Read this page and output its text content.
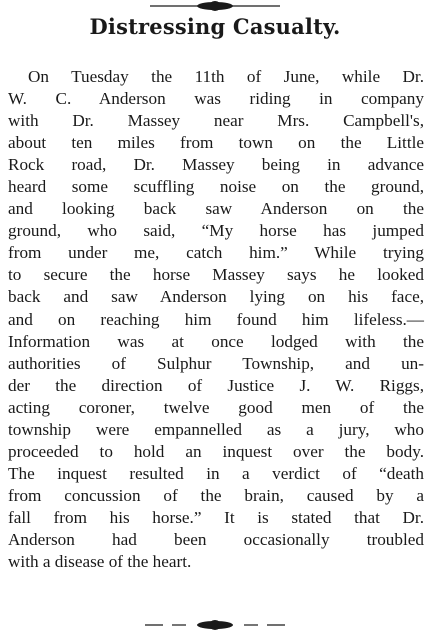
Distressing Casualty.
On Tuesday the 11th of June, while Dr.
W. C. Anderson was riding in company
with Dr. Massey near Mrs. Campbell's,
about ten miles from town on the Little
Rock road, Dr. Massey being in advance
heard some scuffling noise on the ground,
and looking back saw Anderson on the
ground, who said, “My horse has jumped
from under me, catch him.” While trying
to secure the horse Massey says he looked
back and saw Anderson lying on his face,
and on reaching him found him lifeless.—
Information was at once lodged with the
authorities of Sulphur Township, and un-
der the direction of Justice J. W. Riggs,
acting coroner, twelve good men of the
township were empannelled as a jury, who
proceeded to hold an inquest over the body.
The inquest resulted in a verdict of “death
from concussion of the brain, caused by a
fall from his horse.” It is stated that Dr.
Anderson had been occasionally troubled
with a disease of the heart.
